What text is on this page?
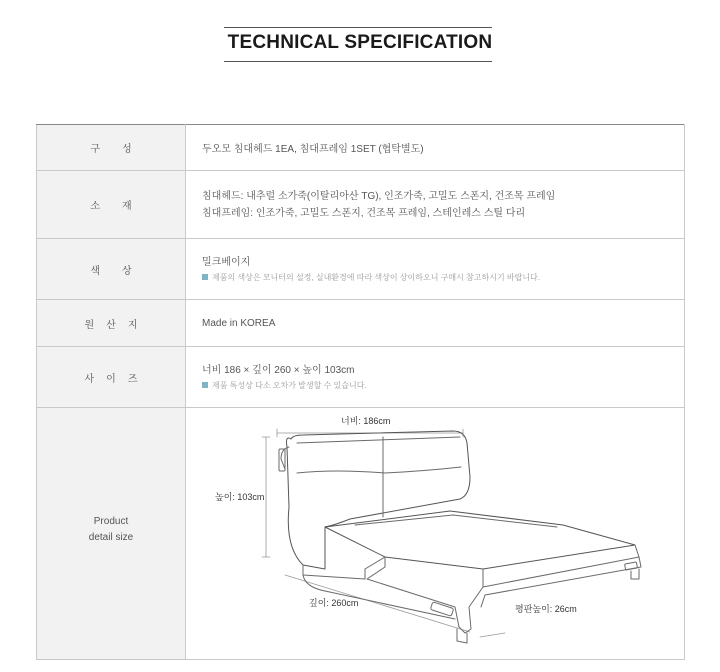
TECHNICAL SPECIFICATION
구성	두오모 침대헤드 1EA, 침대프레임 1SET (협탁별도)
소재	침대헤드: 내추럴 소가죽(이탈리아산 TG), 인조가죽, 고밀도 스폰지, 건조목 프레임
침대프레임: 인조가죽, 고밀도 스폰지, 건조목 프레임, 스테인레스 스틸 다리

색상	밀크베이지
제품의 색상은 모니터의 설정, 실내환경에 따라 색상이 상이하오니 구매시 참고하시기 바랍니다.

원산지	Made in KOREA
사이즈	너비 186 × 깊이 260 × 높이 103cm
제품 특성상 다소 오차가 발생할 수 있습니다.

Product
detail size	

너비: 186cm
높이: 103cm
깊이: 260cm
평판높이: 26cm
